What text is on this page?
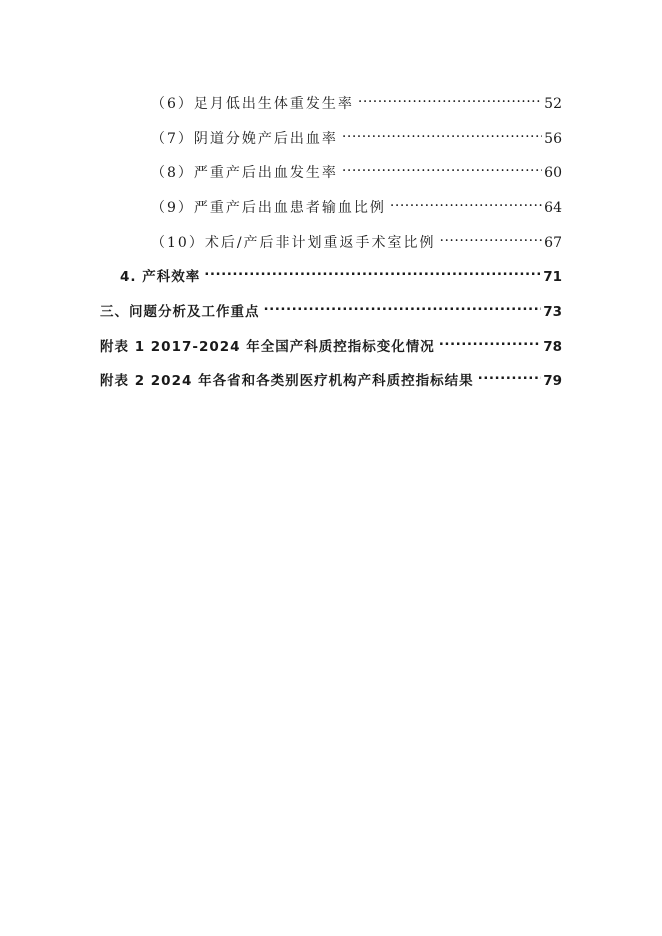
（6）足月低出生体重发生率 .....	52
（7）阴道分娩产后出血率 .....	56
（8）严重产后出血发生率 .....	60
（9）严重产后出血患者输血比例 .....	64
（10）术后/产后非计划重返手术室比例 .....	67
4. 产科效率 .....	71
三、问题分析及工作重点 .....	73
附表 1 2017-2024 年全国产科质控指标变化情况 .....	78
附表 2 2024 年各省和各类别医疗机构产科质控指标结果 .....	79
